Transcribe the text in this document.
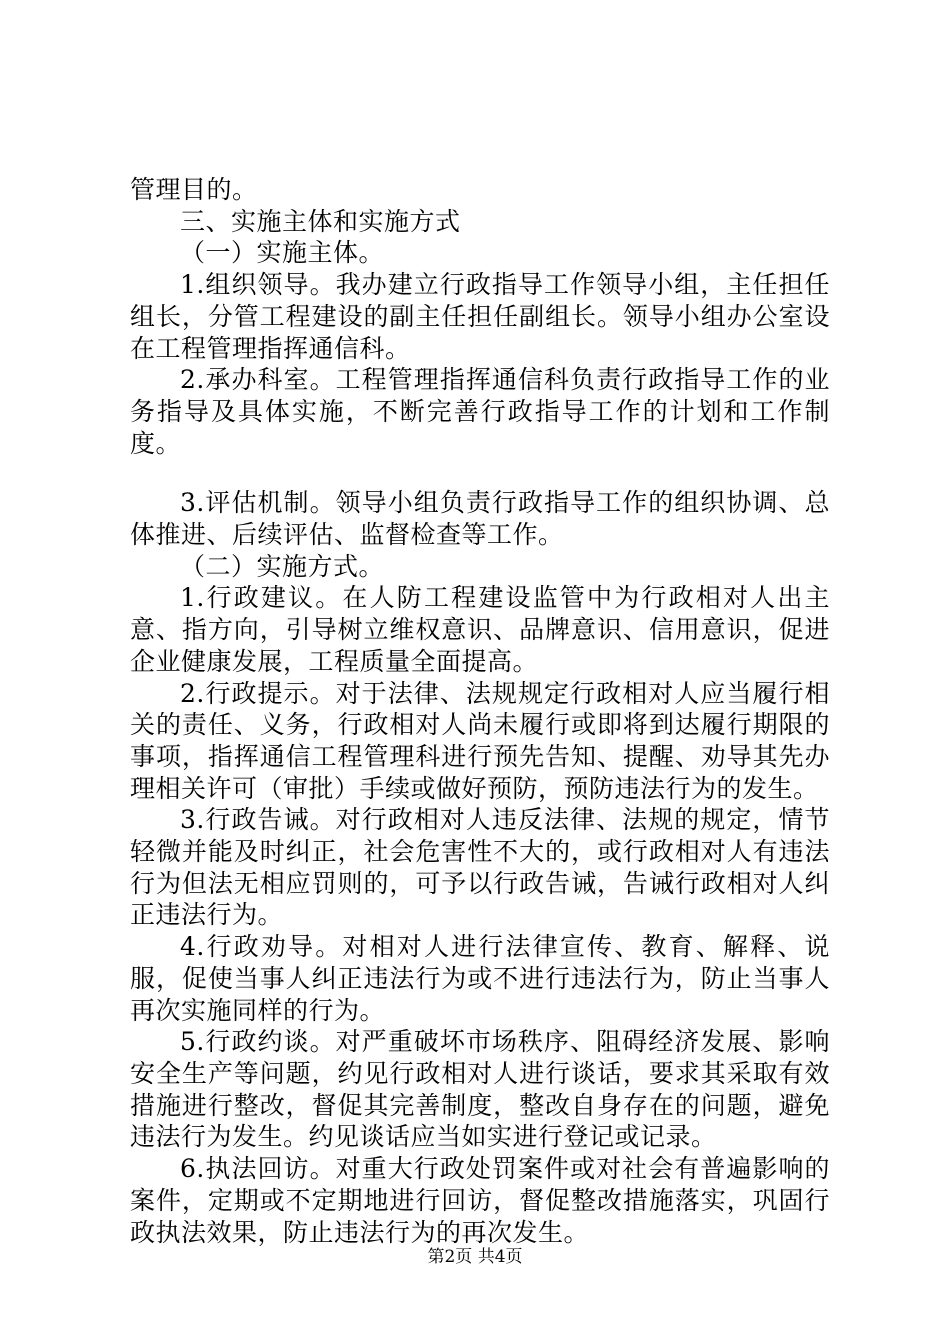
管理目的。

三、实施主体和实施方式

（一）实施主体。

1.组织领导。我办建立行政指导工作领导小组，主任担任组长，分管工程建设的副主任担任副组长。领导小组办公室设在工程管理指挥通信科。

2.承办科室。工程管理指挥通信科负责行政指导工作的业务指导及具体实施，不断完善行政指导工作的计划和工作制度。

3.评估机制。领导小组负责行政指导工作的组织协调、总体推进、后续评估、监督检查等工作。

（二）实施方式。

1.行政建议。在人防工程建设监管中为行政相对人出主意、指方向，引导树立维权意识、品牌意识、信用意识，促进企业健康发展，工程质量全面提高。

2.行政提示。对于法律、法规规定行政相对人应当履行相关的责任、义务，行政相对人尚未履行或即将到达履行期限的事项，指挥通信工程管理科进行预先告知、提醒、劝导其先办理相关许可（审批）手续或做好预防，预防违法行为的发生。

3.行政告诫。对行政相对人违反法律、法规的规定，情节轻微并能及时纠正，社会危害性不大的，或行政相对人有违法行为但法无相应罚则的，可予以行政告诫，告诫行政相对人纠正违法行为。

4.行政劝导。对相对人进行法律宣传、教育、解释、说服，促使当事人纠正违法行为或不进行违法行为，防止当事人再次实施同样的行为。

5.行政约谈。对严重破坏市场秩序、阻碍经济发展、影响安全生产等问题，约见行政相对人进行谈话，要求其采取有效措施进行整改，督促其完善制度，整改自身存在的问题，避免违法行为发生。约见谈话应当如实进行登记或记录。

6.执法回访。对重大行政处罚案件或对社会有普遍影响的案件，定期或不定期地进行回访，督促整改措施落实，巩固行政执法效果，防止违法行为的再次发生。

第2页 共4页
